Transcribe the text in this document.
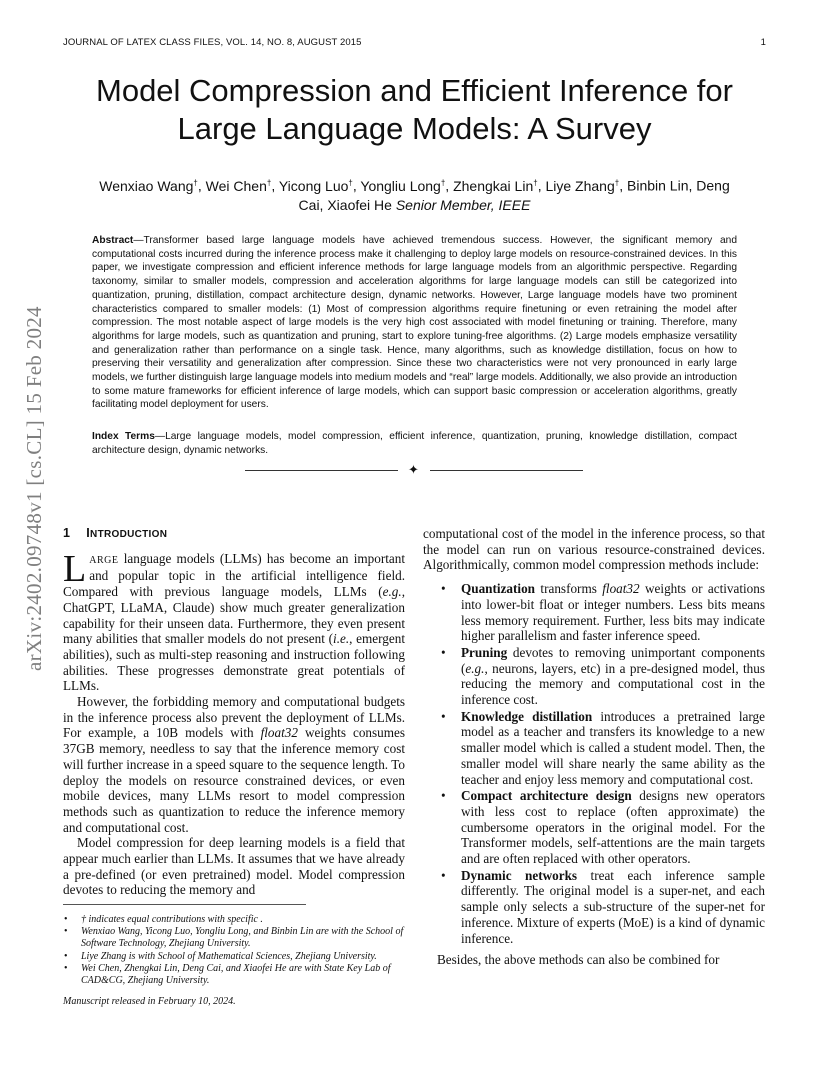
JOURNAL OF LATEX CLASS FILES, VOL. 14, NO. 8, AUGUST 2015	1
arXiv:2402.09748v1 [cs.CL] 15 Feb 2024
Model Compression and Efficient Inference for
Large Language Models: A Survey
Wenxiao Wang†, Wei Chen†, Yicong Luo†, Yongliu Long†, Zhengkai Lin†, Liye Zhang†, Binbin Lin, Deng
Cai, Xiaofei He Senior Member, IEEE
Abstract—Transformer based large language models have achieved tremendous success. However, the significant memory and computational costs incurred during the inference process make it challenging to deploy large models on resource-constrained devices. In this paper, we investigate compression and efficient inference methods for large language models from an algorithmic perspective. Regarding taxonomy, similar to smaller models, compression and acceleration algorithms for large language models can still be categorized into quantization, pruning, distillation, compact architecture design, dynamic networks. However, Large language models have two prominent characteristics compared to smaller models: (1) Most of compression algorithms require finetuning or even retraining the model after compression. The most notable aspect of large models is the very high cost associated with model finetuning or training. Therefore, many algorithms for large models, such as quantization and pruning, start to explore tuning-free algorithms. (2) Large models emphasize versatility and generalization rather than performance on a single task. Hence, many algorithms, such as knowledge distillation, focus on how to preserving their versatility and generalization after compression. Since these two characteristics were not very pronounced in early large models, we further distinguish large language models into medium models and “real” large models. Additionally, we also provide an introduction to some mature frameworks for efficient inference of large models, which can support basic compression or acceleration algorithms, greatly facilitating model deployment for users.
Index Terms—Large language models, model compression, efficient inference, quantization, pruning, knowledge distillation, compact architecture design, dynamic networks.
✦
1 INTRODUCTION

LARGE language models (LLMs) has become an important and popular topic in the artificial intelligence field. Compared with previous language models, LLMs (e.g., ChatGPT, LLaMA, Claude) show much greater generalization capability for their unseen data. Furthermore, they even present many abilities that smaller models do not present (i.e., emergent abilities), such as multi-step reasoning and instruction following abilities. These progresses demonstrate great potentials of LLMs.

However, the forbidding memory and computational budgets in the inference process also prevent the deployment of LLMs. For example, a 10B models with float32 weights consumes 37GB memory, needless to say that the inference memory cost will further increase in a speed square to the sequence length. To deploy the models on resource constrained devices, or even mobile devices, many LLMs resort to model compression methods such as quantization to reduce the inference memory and computational cost.

Model compression for deep learning models is a field that appear much earlier than LLMs. It assumes that we have already a pre-defined (or even pretrained) model. Model compression devotes to reducing the memory and

computational cost of the model in the inference process, so that the model can run on various resource-constrained devices. Algorithmically, common model compression methods include:

• Quantization transforms float32 weights or activations into lower-bit float or integer numbers. Less bits means less memory requirement. Further, less bits may indicate higher parallelism and faster inference speed.
• Pruning devotes to removing unimportant components (e.g., neurons, layers, etc) in a pre-designed model, thus reducing the memory and computational cost in the inference cost.
• Knowledge distillation introduces a pretrained large model as a teacher and transfers its knowledge to a new smaller model which is called a student model. Then, the smaller model will share nearly the same ability as the teacher and enjoy less memory and computational cost.
• Compact architecture design designs new operators with less cost to replace (often approximate) the cumbersome operators in the original model. For the Transformer models, self-attentions are the main targets and are often replaced with other operators.
• Dynamic networks treat each inference sample differently. The original model is a super-net, and each sample only selects a sub-structure of the super-net for inference. Mixture of experts (MoE) is a kind of dynamic inference.

Besides, the above methods can also be combined for

• † indicates equal contributions with specific .
• Wenxiao Wang, Yicong Luo, Yongliu Long, and Binbin Lin are with the School of Software Technology, Zhejiang University.
• Liye Zhang is with School of Mathematical Sciences, Zhejiang University.
• Wei Chen, Zhengkai Lin, Deng Cai, and Xiaofei He are with State Key Lab of CAD&CG, Zhejiang University.
Manuscript released in February 10, 2024.
